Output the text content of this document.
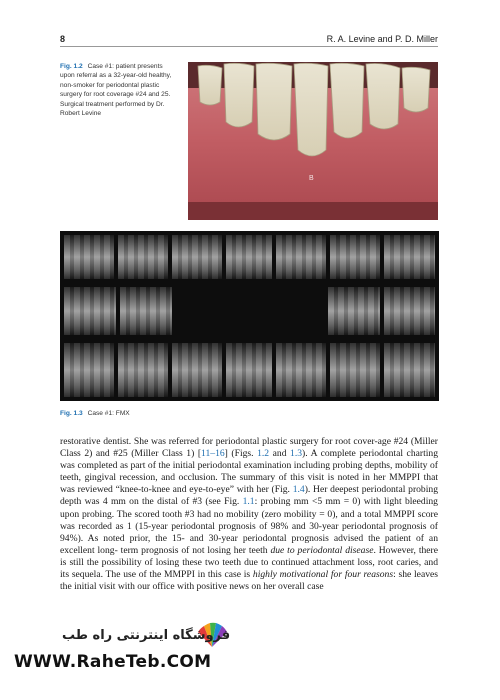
8	R. A. Levine and P. D. Miller
Fig. 1.2 Case #1: patient presents upon referral as a 32-year-old healthy, non-smoker for periodontal plastic surgery for root coverage #24 and 25. Surgical treatment performed by Dr. Robert Levine
B
Fig. 1.3 Case #1: FMX

restorative dentist. She was referred for periodontal plastic surgery for root cover-age #24 (Miller Class 2) and #25 (Miller Class 1) [11–16] (Figs. 1.2 and 1.3). A complete periodontal charting was completed as part of the initial periodontal examination including probing depths, mobility of teeth, gingival recession, and occlusion. The summary of this visit is noted in her MMPPI that was reviewed “knee-to-knee and eye-to-eye” with her (Fig. 1.4). Her deepest periodontal probing depth was 4 mm on the distal of #3 (see Fig. 1.1: probing mm <5 mm = 0) with light bleeding upon probing. The scored tooth #3 had no mobility (zero mobility = 0), and a total MMPPI score was recorded as 1 (15-year periodontal prognosis of 98% and 30-year periodontal prognosis of 94%). As noted prior, the 15- and 30-year periodontal prognosis advised the patient of an excellent long- term prognosis of not losing her teeth due to periodontal disease. However, there is still the possibility of losing these two teeth due to continued attachment loss, root caries, and its sequela. The use of the MMPPI in this case is highly motivational for four reasons: she leaves the initial visit with our office with positive news on her overall case

فروشگاه اینترنتی راه طب
WWW.RaheTeb.COM
